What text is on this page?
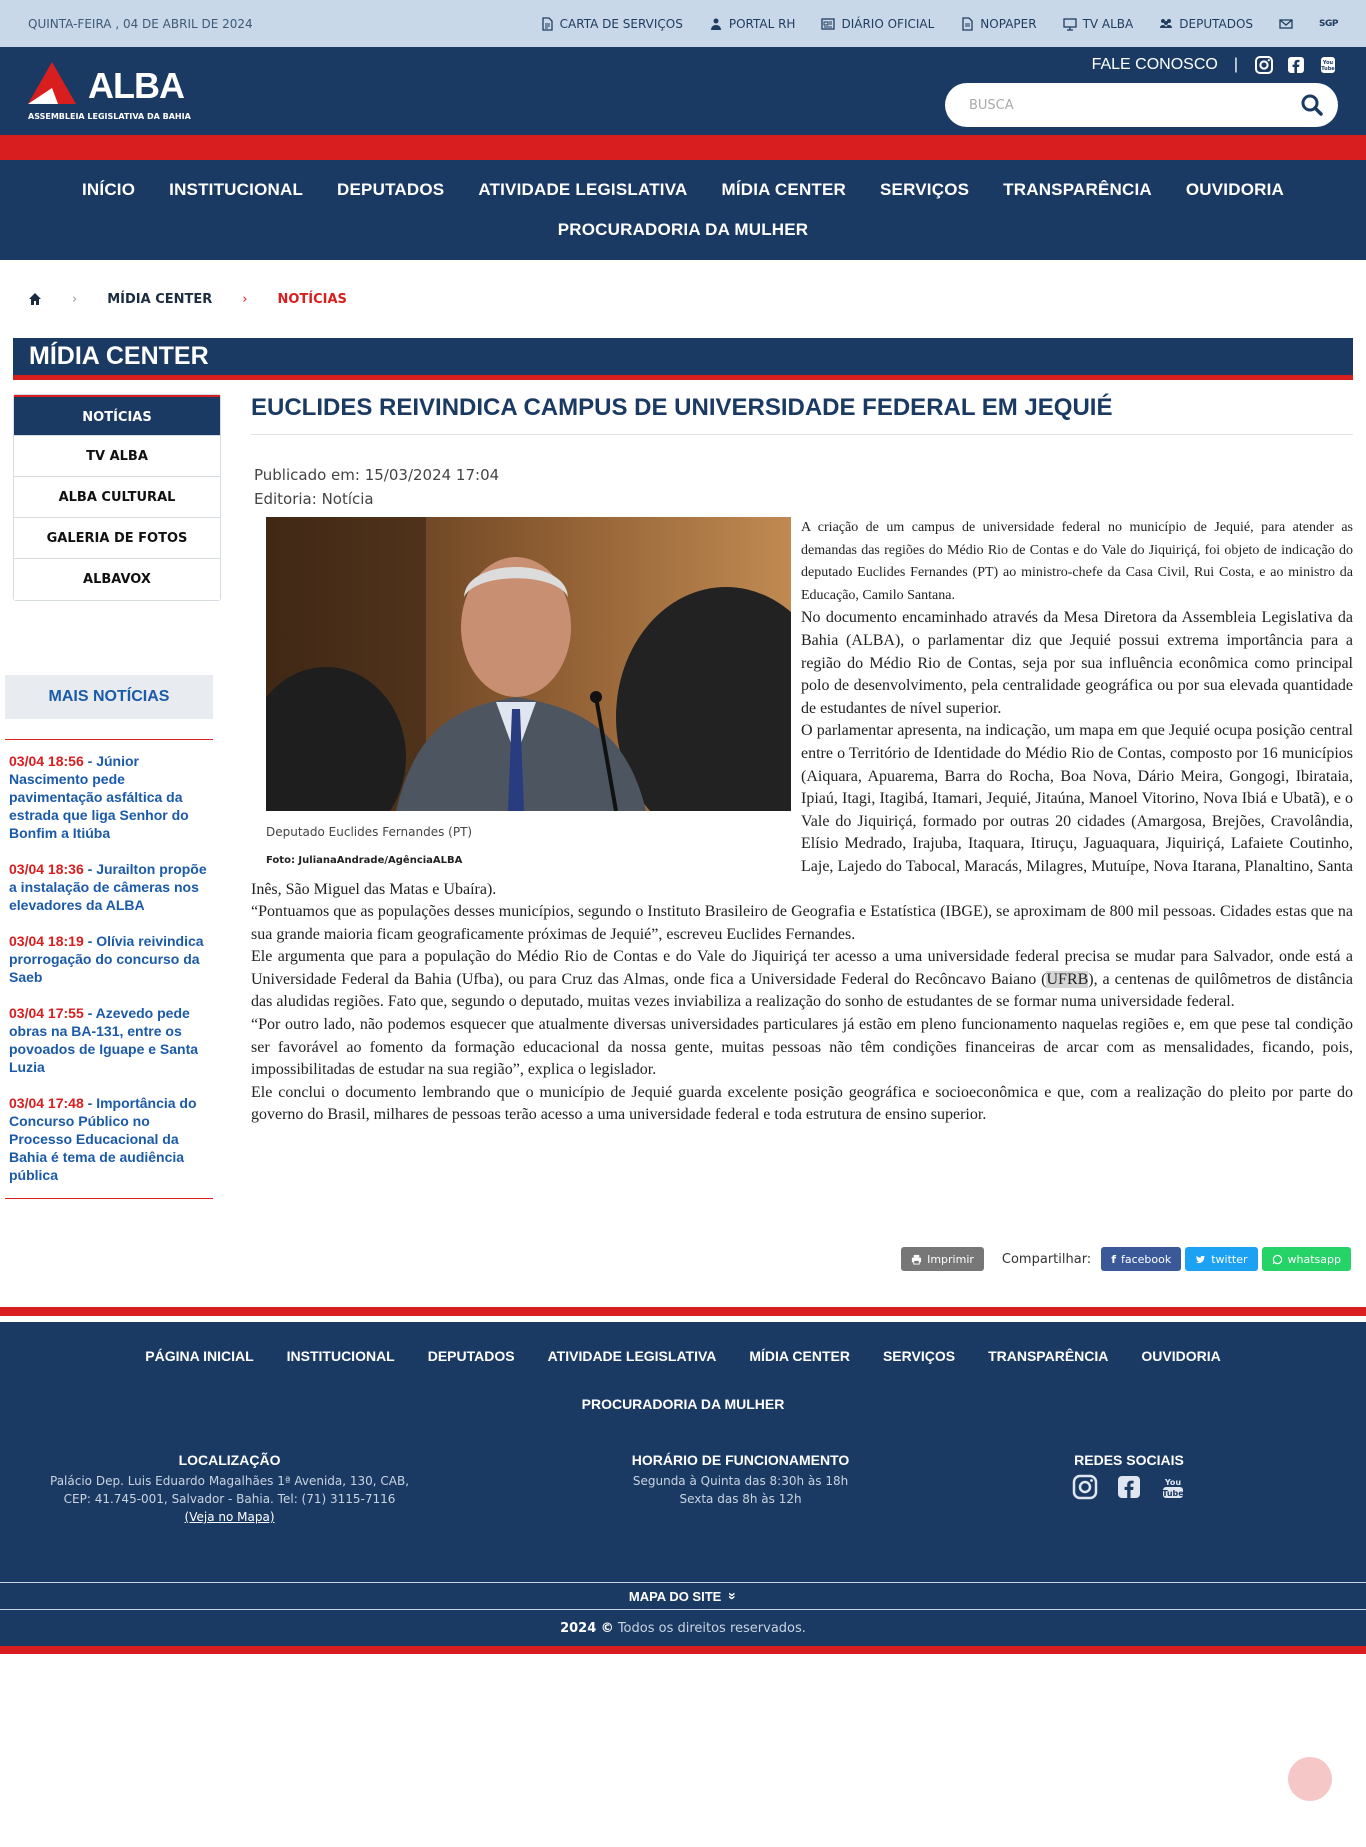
QUINTA-FEIRA , 04 DE ABRIL DE 2024	CARTA DE SERVIÇOS	PORTAL RH	DIÁRIO OFICIAL	NOPAPER	TV ALBA	DEPUTADOS	SGP
ALBA
ASSEMBLEIA LEGISLATIVA DA BAHIA
FALE CONOSCO |	You
Tube
BUSCA
INÍCIO INSTITUCIONAL DEPUTADOS ATIVIDADE LEGISLATIVA MÍDIA CENTER SERVIÇOS TRANSPARÊNCIA OUVIDORIA
PROCURADORIA DA MULHER
› MÍDIA CENTER › NOTÍCIAS
MÍDIA CENTER
NOTÍCIAS
TV ALBA
ALBA CULTURAL
GALERIA DE FOTOS
ALBAVOX
MAIS NOTÍCIAS
03/04 18:56 - Júnior Nascimento pede pavimentação asfáltica da estrada que liga Senhor do Bonfim a Itiúba
03/04 18:36 - Jurailton propõe a instalação de câmeras nos elevadores da ALBA
03/04 18:19 - Olívia reivindica prorrogação do concurso da Saeb
03/04 17:55 - Azevedo pede obras na BA-131, entre os povoados de Iguape e Santa Luzia
03/04 17:48 - Importância do Concurso Público no Processo Educacional da Bahia é tema de audiência pública
EUCLIDES REIVINDICA CAMPUS DE UNIVERSIDADE FEDERAL EM JEQUIÉ
Publicado em: 15/03/2024 17:04
Editoria: Notícia
Deputado Euclides Fernandes (PT)
Foto: JulianaAndrade/AgênciaALBA

A criação de um campus de universidade federal no município de Jequié, para atender as demandas das regiões do Médio Rio de Contas e do Vale do Jiquiriçá, foi objeto de indicação do deputado Euclides Fernandes (PT) ao ministro-chefe da Casa Civil, Rui Costa, e ao ministro da Educação, Camilo Santana.

No documento encaminhado através da Mesa Diretora da Assembleia Legislativa da Bahia (ALBA), o parlamentar diz que Jequié possui extrema importância para a região do Médio Rio de Contas, seja por sua influência econômica como principal polo de desenvolvimento, pela centralidade geográfica ou por sua elevada quantidade de estudantes de nível superior.

O parlamentar apresenta, na indicação, um mapa em que Jequié ocupa posição central entre o Território de Identidade do Médio Rio de Contas, composto por 16 municípios (Aiquara, Apuarema, Barra do Rocha, Boa Nova, Dário Meira, Gongogi, Ibirataia, Ipiaú, Itagi, Itagibá, Itamari, Jequié, Jitaúna, Manoel Vitorino, Nova Ibiá e Ubatã), e o Vale do Jiquiriçá, formado por outras 20 cidades (Amargosa, Brejões, Cravolândia, Elísio Medrado, Irajuba, Itaquara, Itiruçu, Jaguaquara, Jiquiriçá, Lafaiete Coutinho, Laje, Lajedo do Tabocal, Maracás, Milagres, Mutuípe, Nova Itarana, Planaltino, Santa Inês, São Miguel das Matas e Ubaíra).

“Pontuamos que as populações desses municípios, segundo o Instituto Brasileiro de Geografia e Estatística (IBGE), se aproximam de 800 mil pessoas. Cidades estas que na sua grande maioria ficam geograficamente próximas de Jequié”, escreveu Euclides Fernandes.

Ele argumenta que para a população do Médio Rio de Contas e do Vale do Jiquiriçá ter acesso a uma universidade federal precisa se mudar para Salvador, onde está a Universidade Federal da Bahia (Ufba), ou para Cruz das Almas, onde fica a Universidade Federal do Recôncavo Baiano (UFRB), a centenas de quilômetros de distância das aludidas regiões. Fato que, segundo o deputado, muitas vezes inviabiliza a realização do sonho de estudantes de se formar numa universidade federal.

“Por outro lado, não podemos esquecer que atualmente diversas universidades particulares já estão em pleno funcionamento naquelas regiões e, em que pese tal condição ser favorável ao fomento da formação educacional da nossa gente, muitas pessoas não têm condições financeiras de arcar com as mensalidades, ficando, pois, impossibilitadas de estudar na sua região”, explica o legislador.

Ele conclui o documento lembrando que o município de Jequié guarda excelente posição geográfica e socioeconômica e que, com a realização do pleito por parte do governo do Brasil, milhares de pessoas terão acesso a uma universidade federal e toda estrutura de ensino superior.

Imprimir Compartilhar: f facebook	twitter	whatsapp
PÁGINA INICIAL INSTITUCIONAL DEPUTADOS ATIVIDADE LEGISLATIVA MÍDIA CENTER SERVIÇOS TRANSPARÊNCIA OUVIDORIA
PROCURADORIA DA MULHER
LOCALIZAÇÃO

Palácio Dep. Luis Eduardo Magalhães 1ª Avenida, 130, CAB,

CEP: 41.745-001, Salvador - Bahia. Tel: (71) 3115-7116

(Veja no Mapa)

HORÁRIO DE FUNCIONAMENTO

Segunda à Quinta das 8:30h às 18h

Sexta das 8h às 12h

REDES SOCIAIS
You
Tube
MAPA DO SITE »
2024 © Todos os direitos reservados.
